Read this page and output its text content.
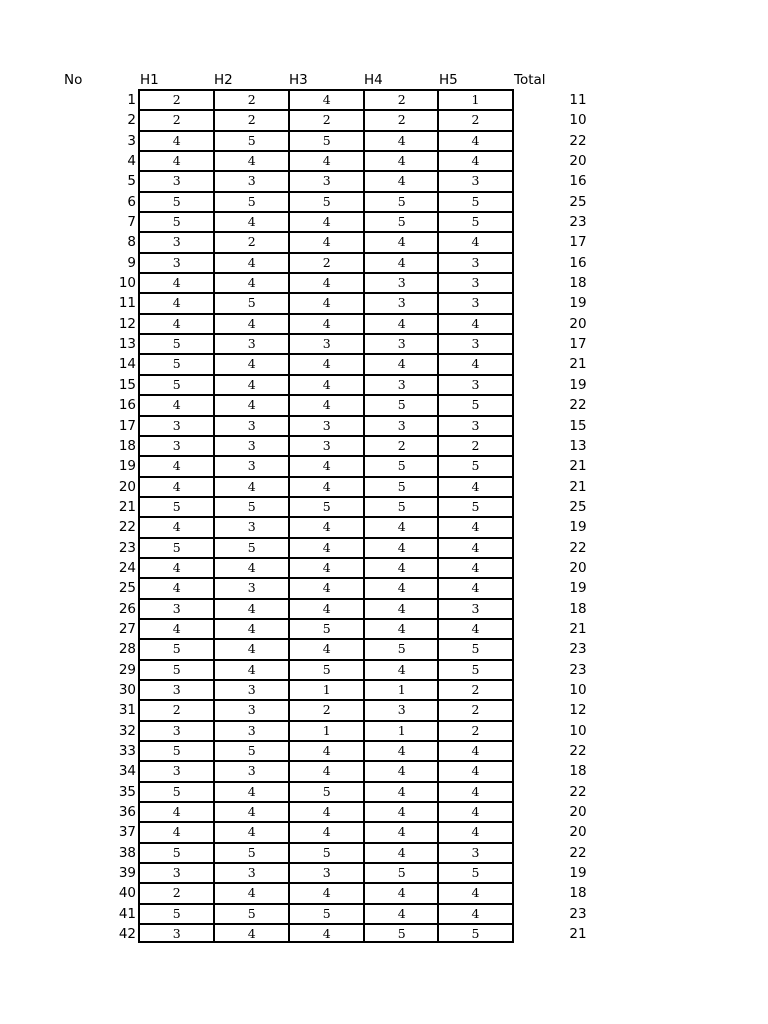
No	H1	H2	H3	H4	H5	Total
1	2	2	4	2	1	11
2	2	2	2	2	2	10
3	4	5	5	4	4	22
4	4	4	4	4	4	20
5	3	3	3	4	3	16
6	5	5	5	5	5	25
7	5	4	4	5	5	23
8	3	2	4	4	4	17
9	3	4	2	4	3	16
10	4	4	4	3	3	18
11	4	5	4	3	3	19
12	4	4	4	4	4	20
13	5	3	3	3	3	17
14	5	4	4	4	4	21
15	5	4	4	3	3	19
16	4	4	4	5	5	22
17	3	3	3	3	3	15
18	3	3	3	2	2	13
19	4	3	4	5	5	21
20	4	4	4	5	4	21
21	5	5	5	5	5	25
22	4	3	4	4	4	19
23	5	5	4	4	4	22
24	4	4	4	4	4	20
25	4	3	4	4	4	19
26	3	4	4	4	3	18
27	4	4	5	4	4	21
28	5	4	4	5	5	23
29	5	4	5	4	5	23
30	3	3	1	1	2	10
31	2	3	2	3	2	12
32	3	3	1	1	2	10
33	5	5	4	4	4	22
34	3	3	4	4	4	18
35	5	4	5	4	4	22
36	4	4	4	4	4	20
37	4	4	4	4	4	20
38	5	5	5	4	3	22
39	3	3	3	5	5	19
40	2	4	4	4	4	18
41	5	5	5	4	4	23
42	3	4	4	5	5	21
